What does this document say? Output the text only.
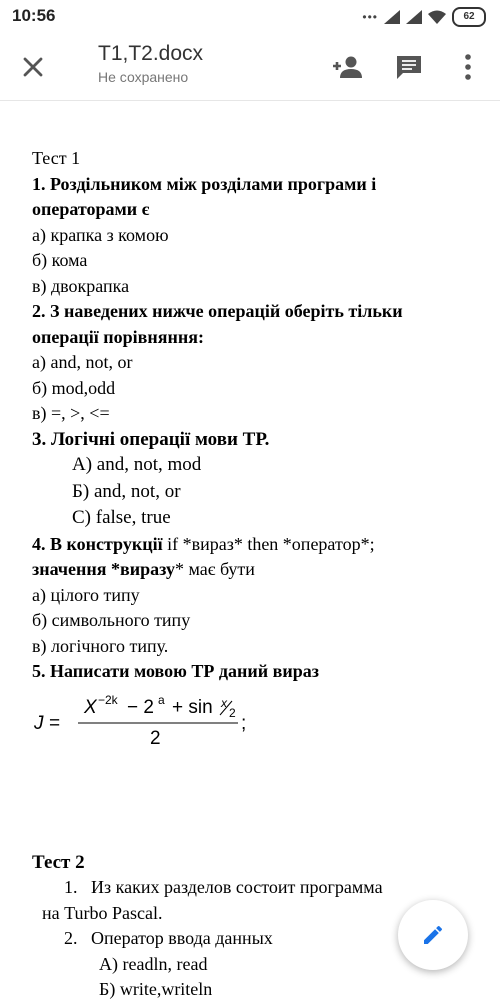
10:56	•••	62
T1,T2.docx
Не сохранено
Тест 1
1. Роздільником між розділами програми і
операторами є
а) крапка з комою
б) кома
в) двокрапка
2. З наведених нижче операцій оберіть тільки
операції порівняння:
а) and, not, or
б) mod,odd
в) =, >, <=
3. Логічні операції мови ТР.
А) and, not, mod
Б) and, not, or
С) false, true
4. В конструкції if *вираз* then *оператор*;
значення *виразу* має бути
а) цілого типу
б) символьного типу
в) логічного типу.
5. Написати мовою ТР даний вираз
J =
X −2k − 2 a + sin x
2
2
;
Тест 2
1. Из каких разделов состоит программа
на Turbo Pascal.
2. Оператор ввода данных
А) readln, read
Б) write,writeln
